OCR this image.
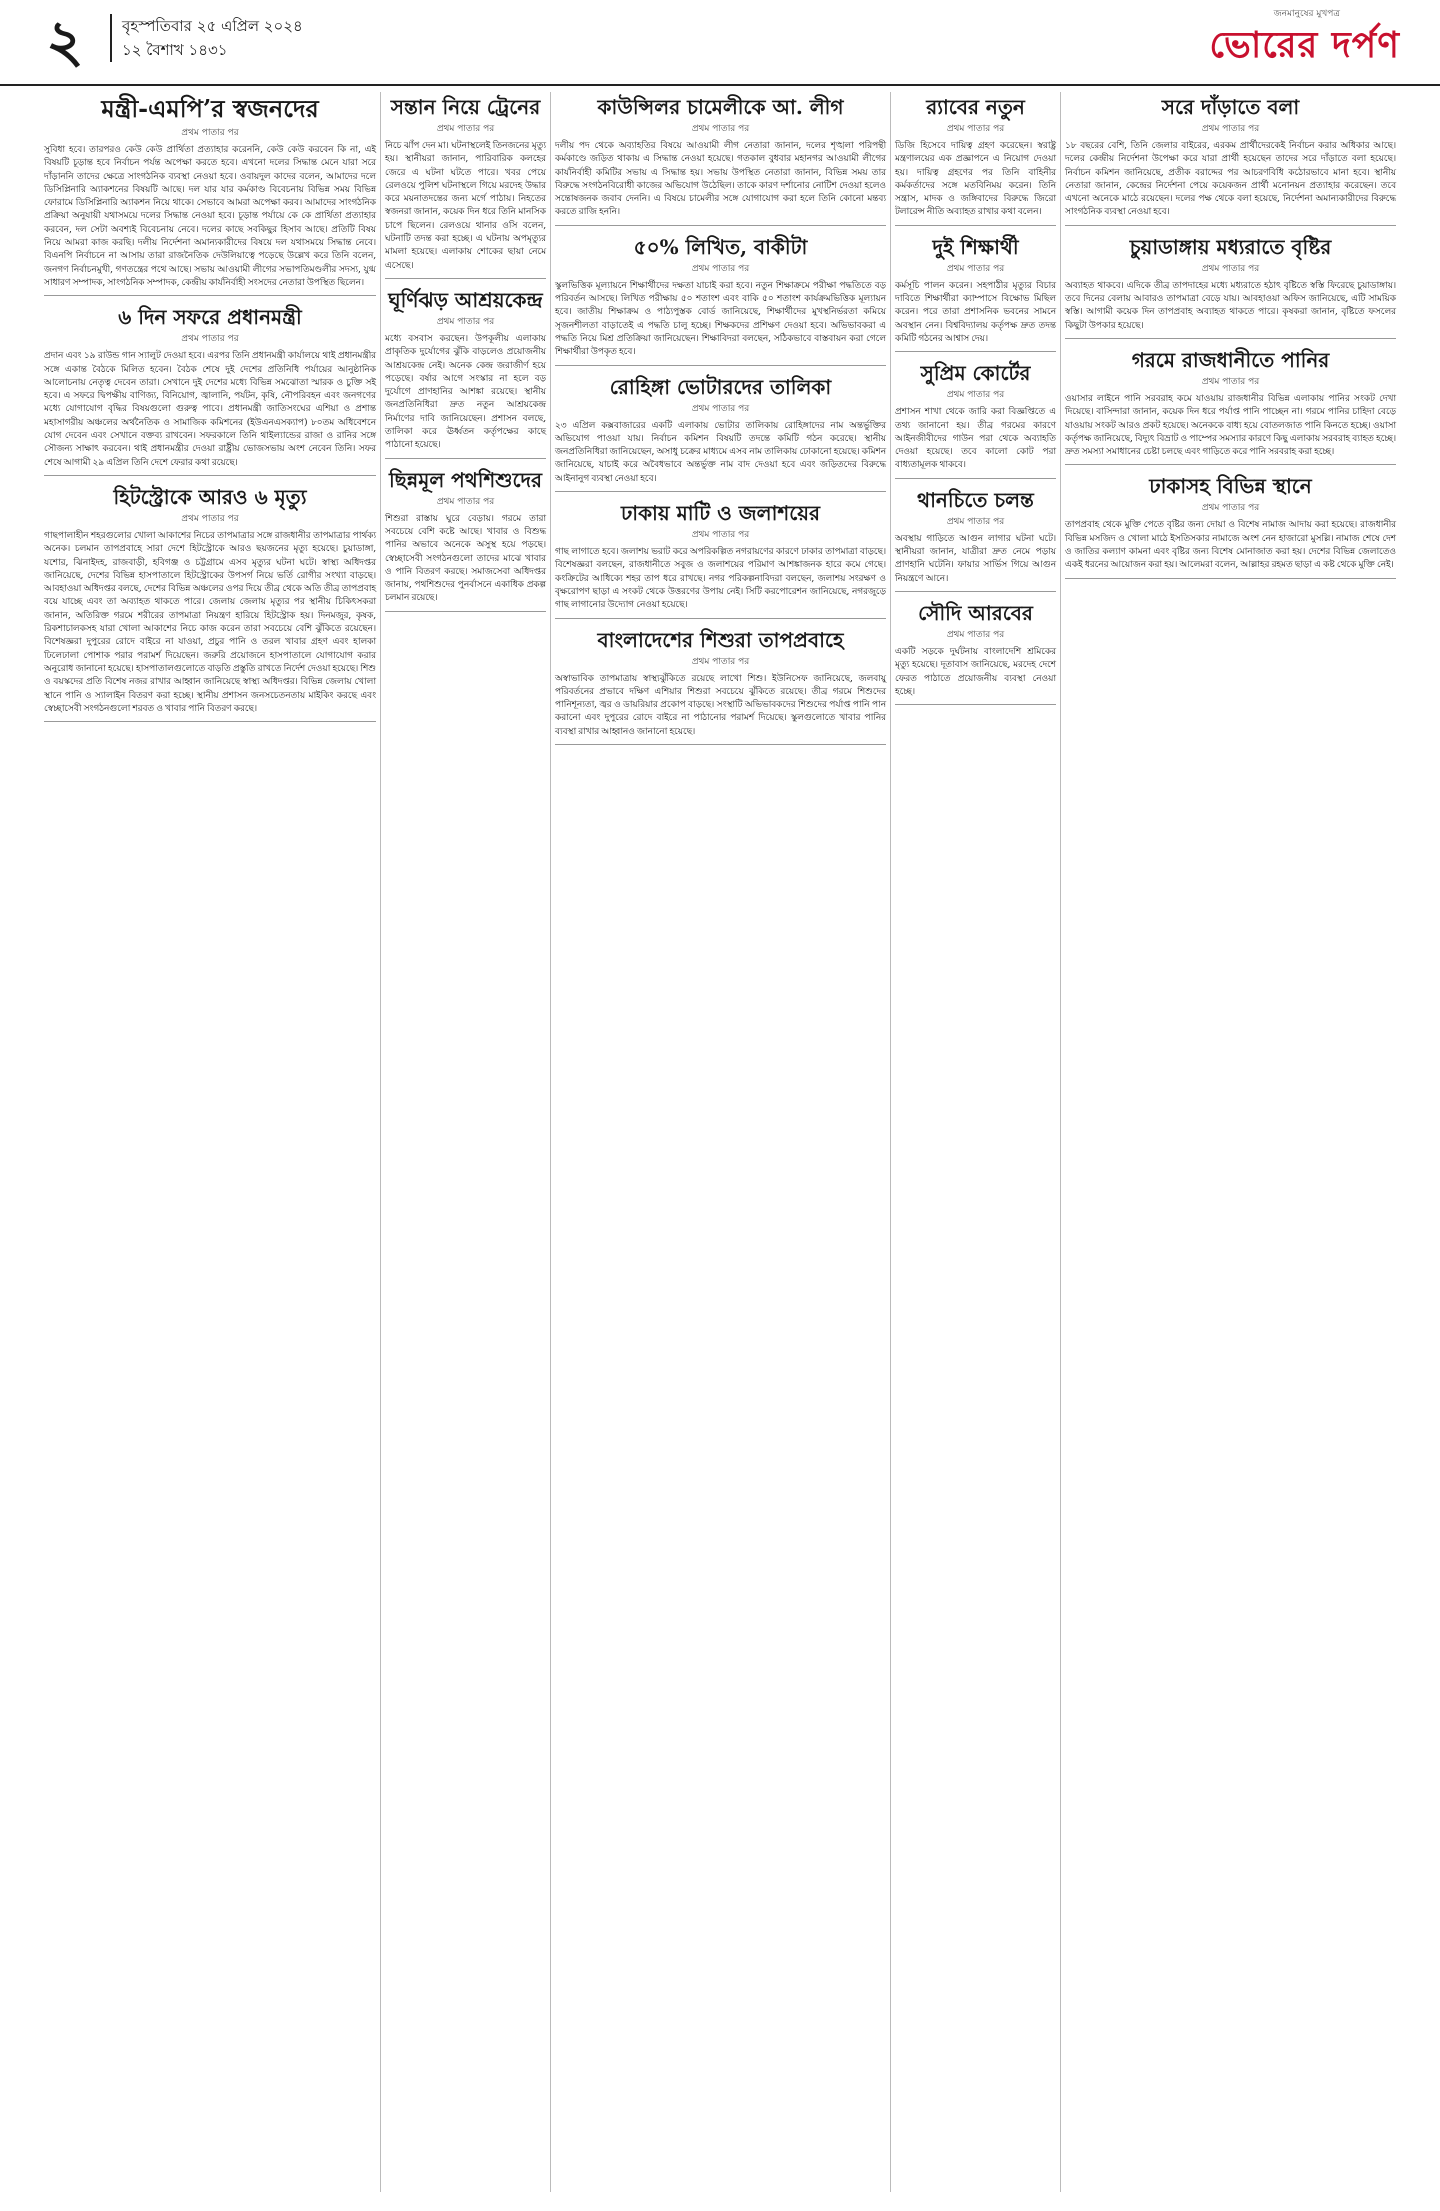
২	বৃহস্পতিবার ২৫ এপ্রিল ২০২৪
১২ বৈশাখ ১৪৩১
জনমানুষের মুখপত্র
ভোরের দর্পণ
মন্ত্রী-এমপি’র স্বজনদের
প্রথম পাতার পর
সুবিধা হবে। তারপরও কেউ কেউ প্রার্থিতা প্রত্যাহার করেননি, কেউ কেউ করবেন কি না, এই বিষয়টি চূড়ান্ত হবে নির্বাচন পর্যন্ত অপেক্ষা করতে হবে। এখনো দলের সিদ্ধান্ত মেনে যারা সরে দাঁড়াননি তাদের ক্ষেত্রে সাংগঠনিক ব্যবস্থা নেওয়া হবে। ওবায়দুল কাদের বলেন, আমাদের দলে ডিসিপ্লিনারি অ্যাকশনের বিষয়টি আছে। দল যার যার কর্মকাণ্ড বিবেচনায় বিভিন্ন সময় বিভিন্ন ফোরামে ডিসিপ্লিনারি অ্যাকশন নিয়ে থাকে। সেভাবে আমরা অপেক্ষা করব। আমাদের সাংগঠনিক প্রক্রিয়া অনুযায়ী যথাসময়ে দলের সিদ্ধান্ত নেওয়া হবে। চূড়ান্ত পর্যায়ে কে কে প্রার্থিতা প্রত্যাহার করবেন, দল সেটা অবশ্যই বিবেচনায় নেবে। দলের কাছে সবকিছুর হিসাব আছে। প্রতিটি বিষয় নিয়ে আমরা কাজ করছি। দলীয় নির্দেশনা অমান্যকারীদের বিষয়ে দল যথাসময়ে সিদ্ধান্ত নেবে। বিএনপি নির্বাচনে না আসায় তারা রাজনৈতিক দেউলিয়াত্বে পড়েছে উল্লেখ করে তিনি বলেন, জনগণ নির্বাচনমুখী, গণতন্ত্রের পথে আছে। সভায় আওয়ামী লীগের সভাপতিমণ্ডলীর সদস্য, যুগ্ম সাধারণ সম্পাদক, সাংগঠনিক সম্পাদক, কেন্দ্রীয় কার্যনির্বাহী সংসদের নেতারা উপস্থিত ছিলেন।
৬ দিন সফরে প্রধানমন্ত্রী
প্রথম পাতার পর
প্রদান এবং ১৯ রাউন্ড গান স্যালুট দেওয়া হবে। এরপর তিনি প্রধানমন্ত্রী কার্যালয়ে থাই প্রধানমন্ত্রীর সঙ্গে একান্ত বৈঠকে মিলিত হবেন। বৈঠক শেষে দুই দেশের প্রতিনিধি পর্যায়ের আনুষ্ঠানিক আলোচনায় নেতৃত্ব দেবেন তারা। সেখানে দুই দেশের মধ্যে বিভিন্ন সমঝোতা স্মারক ও চুক্তি সই হবে। এ সফরে দ্বিপক্ষীয় বাণিজ্য, বিনিয়োগ, জ্বালানি, পর্যটন, কৃষি, নৌপরিবহন এবং জনগণের মধ্যে যোগাযোগ বৃদ্ধির বিষয়গুলো গুরুত্ব পাবে। প্রধানমন্ত্রী জাতিসংঘের এশিয়া ও প্রশান্ত মহাসাগরীয় অঞ্চলের অর্থনৈতিক ও সামাজিক কমিশনের (ইউএনএসক্যাপ) ৮০তম অধিবেশনে যোগ দেবেন এবং সেখানে বক্তব্য রাখবেন। সফরকালে তিনি থাইল্যান্ডের রাজা ও রানির সঙ্গে সৌজন্য সাক্ষাৎ করবেন। থাই প্রধানমন্ত্রীর দেওয়া রাষ্ট্রীয় ভোজসভায় অংশ নেবেন তিনি। সফর শেষে আগামী ২৯ এপ্রিল তিনি দেশে ফেরার কথা রয়েছে।
হিটস্ট্রোকে আরও ৬ মৃত্যু
প্রথম পাতার পর
গাছপালাহীন শহরগুলোর খোলা আকাশের নিচের তাপমাত্রার সঙ্গে রাজধানীর তাপমাত্রার পার্থক্য অনেক। চলমান তাপপ্রবাহে সারা দেশে হিটস্ট্রোকে আরও ছয়জনের মৃত্যু হয়েছে। চুয়াডাঙ্গা, যশোর, ঝিনাইদহ, রাজবাড়ী, হবিগঞ্জ ও চট্টগ্রামে এসব মৃত্যুর ঘটনা ঘটে। স্বাস্থ্য অধিদপ্তর জানিয়েছে, দেশের বিভিন্ন হাসপাতালে হিটস্ট্রোকের উপসর্গ নিয়ে ভর্তি রোগীর সংখ্যা বাড়ছে। আবহাওয়া অধিদপ্তর বলছে, দেশের বিভিন্ন অঞ্চলের ওপর দিয়ে তীব্র থেকে অতি তীব্র তাপপ্রবাহ বয়ে যাচ্ছে এবং তা অব্যাহত থাকতে পারে। জেলায় জেলায় মৃত্যুর পর স্থানীয় চিকিৎসকরা জানান, অতিরিক্ত গরমে শরীরের তাপমাত্রা নিয়ন্ত্রণ হারিয়ে হিটস্ট্রোক হয়। দিনমজুর, কৃষক, রিকশাচালকসহ যারা খোলা আকাশের নিচে কাজ করেন তারা সবচেয়ে বেশি ঝুঁকিতে রয়েছেন। বিশেষজ্ঞরা দুপুরের রোদে বাইরে না যাওয়া, প্রচুর পানি ও তরল খাবার গ্রহণ এবং হালকা ঢিলেঢালা পোশাক পরার পরামর্শ দিয়েছেন। জরুরি প্রয়োজনে হাসপাতালে যোগাযোগ করার অনুরোধ জানানো হয়েছে। হাসপাতালগুলোতে বাড়তি প্রস্তুতি রাখতে নির্দেশ দেওয়া হয়েছে। শিশু ও বয়স্কদের প্রতি বিশেষ নজর রাখার আহ্বান জানিয়েছে স্বাস্থ্য অধিদপ্তর। বিভিন্ন জেলায় খোলা স্থানে পানি ও স্যালাইন বিতরণ করা হচ্ছে। স্থানীয় প্রশাসন জনসচেতনতায় মাইকিং করছে এবং স্বেচ্ছাসেবী সংগঠনগুলো শরবত ও খাবার পানি বিতরণ করছে।
সন্তান নিয়ে ট্রেনের
প্রথম পাতার পর
নিচে ঝাঁপ দেন মা। ঘটনাস্থলেই তিনজনের মৃত্যু হয়। স্থানীয়রা জানান, পারিবারিক কলহের জেরে এ ঘটনা ঘটতে পারে। খবর পেয়ে রেলওয়ে পুলিশ ঘটনাস্থলে গিয়ে মরদেহ উদ্ধার করে ময়নাতদন্তের জন্য মর্গে পাঠায়। নিহতের স্বজনরা জানান, কয়েক দিন ধরে তিনি মানসিক চাপে ছিলেন। রেলওয়ে থানার ওসি বলেন, ঘটনাটি তদন্ত করা হচ্ছে। এ ঘটনায় অপমৃত্যুর মামলা হয়েছে। এলাকায় শোকের ছায়া নেমে এসেছে।
ঘূর্ণিঝড় আশ্রয়কেন্দ্র
প্রথম পাতার পর
মধ্যে বসবাস করছেন। উপকূলীয় এলাকায় প্রাকৃতিক দুর্যোগের ঝুঁকি বাড়লেও প্রয়োজনীয় আশ্রয়কেন্দ্র নেই। অনেক কেন্দ্র জরাজীর্ণ হয়ে পড়েছে। বর্ষার আগে সংস্কার না হলে বড় দুর্যোগে প্রাণহানির আশঙ্কা রয়েছে। স্থানীয় জনপ্রতিনিধিরা দ্রুত নতুন আশ্রয়কেন্দ্র নির্মাণের দাবি জানিয়েছেন। প্রশাসন বলছে, তালিকা করে ঊর্ধ্বতন কর্তৃপক্ষের কাছে পাঠানো হয়েছে।
ছিন্নমূল পথশিশুদের
প্রথম পাতার পর
শিশুরা রাস্তায় ঘুরে বেড়ায়। গরমে তারা সবচেয়ে বেশি কষ্টে আছে। খাবার ও বিশুদ্ধ পানির অভাবে অনেকে অসুস্থ হয়ে পড়ছে। স্বেচ্ছাসেবী সংগঠনগুলো তাদের মাঝে খাবার ও পানি বিতরণ করছে। সমাজসেবা অধিদপ্তর জানায়, পথশিশুদের পুনর্বাসনে একাধিক প্রকল্প চলমান রয়েছে।
কাউন্সিলর চামেলীকে আ. লীগ
প্রথম পাতার পর
দলীয় পদ থেকে অব্যাহতির বিষয়ে আওয়ামী লীগ নেতারা জানান, দলের শৃঙ্খলা পরিপন্থী কর্মকাণ্ডে জড়িত থাকায় এ সিদ্ধান্ত নেওয়া হয়েছে। গতকাল বুধবার মহানগর আওয়ামী লীগের কার্যনির্বাহী কমিটির সভায় এ সিদ্ধান্ত হয়। সভায় উপস্থিত নেতারা জানান, বিভিন্ন সময় তার বিরুদ্ধে সংগঠনবিরোধী কাজের অভিযোগ উঠেছিল। তাকে কারণ দর্শানোর নোটিশ দেওয়া হলেও সন্তোষজনক জবাব দেননি। এ বিষয়ে চামেলীর সঙ্গে যোগাযোগ করা হলে তিনি কোনো মন্তব্য করতে রাজি হননি।
৫০% লিখিত, বাকীটা
প্রথম পাতার পর
স্কুলভিত্তিক মূল্যায়নে শিক্ষার্থীদের দক্ষতা যাচাই করা হবে। নতুন শিক্ষাক্রমে পরীক্ষা পদ্ধতিতে বড় পরিবর্তন আসছে। লিখিত পরীক্ষায় ৫০ শতাংশ এবং বাকি ৫০ শতাংশ কার্যক্রমভিত্তিক মূল্যায়ন হবে। জাতীয় শিক্ষাক্রম ও পাঠ্যপুস্তক বোর্ড জানিয়েছে, শিক্ষার্থীদের মুখস্থনির্ভরতা কমিয়ে সৃজনশীলতা বাড়াতেই এ পদ্ধতি চালু হচ্ছে। শিক্ষকদের প্রশিক্ষণ দেওয়া হবে। অভিভাবকরা এ পদ্ধতি নিয়ে মিশ্র প্রতিক্রিয়া জানিয়েছেন। শিক্ষাবিদরা বলছেন, সঠিকভাবে বাস্তবায়ন করা গেলে শিক্ষার্থীরা উপকৃত হবে।
রোহিঙ্গা ভোটারদের তালিকা
প্রথম পাতার পর
২৩ এপ্রিল কক্সবাজারের একটি এলাকায় ভোটার তালিকায় রোহিঙ্গাদের নাম অন্তর্ভুক্তির অভিযোগ পাওয়া যায়। নির্বাচন কমিশন বিষয়টি তদন্তে কমিটি গঠন করেছে। স্থানীয় জনপ্রতিনিধিরা জানিয়েছেন, অসাধু চক্রের মাধ্যমে এসব নাম তালিকায় ঢোকানো হয়েছে। কমিশন জানিয়েছে, যাচাই করে অবৈধভাবে অন্তর্ভুক্ত নাম বাদ দেওয়া হবে এবং জড়িতদের বিরুদ্ধে আইনানুগ ব্যবস্থা নেওয়া হবে।
ঢাকায় মাটি ও জলাশয়ের
প্রথম পাতার পর
গাছ লাগাতে হবে। জলাশয় ভরাট করে অপরিকল্পিত নগরায়ণের কারণে ঢাকার তাপমাত্রা বাড়ছে। বিশেষজ্ঞরা বলছেন, রাজধানীতে সবুজ ও জলাশয়ের পরিমাণ আশঙ্কাজনক হারে কমে গেছে। কংক্রিটের আধিক্যে শহর তাপ ধরে রাখছে। নগর পরিকল্পনাবিদরা বলছেন, জলাশয় সংরক্ষণ ও বৃক্ষরোপণ ছাড়া এ সংকট থেকে উত্তরণের উপায় নেই। সিটি করপোরেশন জানিয়েছে, নগরজুড়ে গাছ লাগানোর উদ্যোগ নেওয়া হয়েছে।
বাংলাদেশের শিশুরা তাপপ্রবাহে
প্রথম পাতার পর
অস্বাভাবিক তাপমাত্রায় স্বাস্থ্যঝুঁকিতে রয়েছে লাখো শিশু। ইউনিসেফ জানিয়েছে, জলবায়ু পরিবর্তনের প্রভাবে দক্ষিণ এশিয়ার শিশুরা সবচেয়ে ঝুঁকিতে রয়েছে। তীব্র গরমে শিশুদের পানিশূন্যতা, জ্বর ও ডায়রিয়ার প্রকোপ বাড়ছে। সংস্থাটি অভিভাবকদের শিশুদের পর্যাপ্ত পানি পান করানো এবং দুপুরের রোদে বাইরে না পাঠানোর পরামর্শ দিয়েছে। স্কুলগুলোতে খাবার পানির ব্যবস্থা রাখার আহ্বানও জানানো হয়েছে।
র‌্যাবের নতুন
প্রথম পাতার পর
ডিজি হিসেবে দায়িত্ব গ্রহণ করেছেন। স্বরাষ্ট্র মন্ত্রণালয়ের এক প্রজ্ঞাপনে এ নিয়োগ দেওয়া হয়। দায়িত্ব গ্রহণের পর তিনি বাহিনীর কর্মকর্তাদের সঙ্গে মতবিনিময় করেন। তিনি সন্ত্রাস, মাদক ও জঙ্গিবাদের বিরুদ্ধে জিরো টলারেন্স নীতি অব্যাহত রাখার কথা বলেন।
দুই শিক্ষার্থী
প্রথম পাতার পর
কর্মসূচি পালন করেন। সহপাঠীর মৃত্যুর বিচার দাবিতে শিক্ষার্থীরা ক্যাম্পাসে বিক্ষোভ মিছিল করেন। পরে তারা প্রশাসনিক ভবনের সামনে অবস্থান নেন। বিশ্ববিদ্যালয় কর্তৃপক্ষ দ্রুত তদন্ত কমিটি গঠনের আশ্বাস দেয়।
সুপ্রিম কোর্টের
প্রথম পাতার পর
প্রশাসন শাখা থেকে জারি করা বিজ্ঞপ্তিতে এ তথ্য জানানো হয়। তীব্র গরমের কারণে আইনজীবীদের গাউন পরা থেকে অব্যাহতি দেওয়া হয়েছে। তবে কালো কোট পরা বাধ্যতামূলক থাকবে।
থানচিতে চলন্ত
প্রথম পাতার পর
অবস্থায় গাড়িতে আগুন লাগার ঘটনা ঘটে। স্থানীয়রা জানান, যাত্রীরা দ্রুত নেমে পড়ায় প্রাণহানি ঘটেনি। ফায়ার সার্ভিস গিয়ে আগুন নিয়ন্ত্রণে আনে।
সৌদি আরবের
প্রথম পাতার পর
একটি সড়কে দুর্ঘটনায় বাংলাদেশি শ্রমিকের মৃত্যু হয়েছে। দূতাবাস জানিয়েছে, মরদেহ দেশে ফেরত পাঠাতে প্রয়োজনীয় ব্যবস্থা নেওয়া হচ্ছে।
সরে দাঁড়াতে বলা
প্রথম পাতার পর
১৮ বছরের বেশি, তিনি জেলার বাইরের, এরকম প্রার্থীদেরকেই নির্বাচন করার অধিকার আছে। দলের কেন্দ্রীয় নির্দেশনা উপেক্ষা করে যারা প্রার্থী হয়েছেন তাদের সরে দাঁড়াতে বলা হয়েছে। নির্বাচন কমিশন জানিয়েছে, প্রতীক বরাদ্দের পর আচরণবিধি কঠোরভাবে মানা হবে। স্থানীয় নেতারা জানান, কেন্দ্রের নির্দেশনা পেয়ে কয়েকজন প্রার্থী মনোনয়ন প্রত্যাহার করেছেন। তবে এখনো অনেকে মাঠে রয়েছেন। দলের পক্ষ থেকে বলা হয়েছে, নির্দেশনা অমান্যকারীদের বিরুদ্ধে সাংগঠনিক ব্যবস্থা নেওয়া হবে।
চুয়াডাঙ্গায় মধ্যরাতে বৃষ্টির
প্রথম পাতার পর
অব্যাহত থাকবে। এদিকে তীব্র তাপদাহের মধ্যে মধ্যরাতে হঠাৎ বৃষ্টিতে স্বস্তি ফিরেছে চুয়াডাঙ্গায়। তবে দিনের বেলায় আবারও তাপমাত্রা বেড়ে যায়। আবহাওয়া অফিস জানিয়েছে, এটি সাময়িক স্বস্তি। আগামী কয়েক দিন তাপপ্রবাহ অব্যাহত থাকতে পারে। কৃষকরা জানান, বৃষ্টিতে ফসলের কিছুটা উপকার হয়েছে।
গরমে রাজধানীতে পানির
প্রথম পাতার পর
ওয়াসার লাইনে পানি সরবরাহ কমে যাওয়ায় রাজধানীর বিভিন্ন এলাকায় পানির সংকট দেখা দিয়েছে। বাসিন্দারা জানান, কয়েক দিন ধরে পর্যাপ্ত পানি পাচ্ছেন না। গরমে পানির চাহিদা বেড়ে যাওয়ায় সংকট আরও প্রকট হয়েছে। অনেককে বাধ্য হয়ে বোতলজাত পানি কিনতে হচ্ছে। ওয়াসা কর্তৃপক্ষ জানিয়েছে, বিদ্যুৎ বিভ্রাট ও পাম্পের সমস্যার কারণে কিছু এলাকায় সরবরাহ ব্যাহত হচ্ছে। দ্রুত সমস্যা সমাধানের চেষ্টা চলছে এবং গাড়িতে করে পানি সরবরাহ করা হচ্ছে।
ঢাকাসহ বিভিন্ন স্থানে
প্রথম পাতার পর
তাপপ্রবাহ থেকে মুক্তি পেতে বৃষ্টির জন্য দোয়া ও বিশেষ নামাজ আদায় করা হয়েছে। রাজধানীর বিভিন্ন মসজিদ ও খোলা মাঠে ইসতিসকার নামাজে অংশ নেন হাজারো মুসল্লি। নামাজ শেষে দেশ ও জাতির কল্যাণ কামনা এবং বৃষ্টির জন্য বিশেষ মোনাজাত করা হয়। দেশের বিভিন্ন জেলাতেও একই ধরনের আয়োজন করা হয়। আলেমরা বলেন, আল্লাহর রহমত ছাড়া এ কষ্ট থেকে মুক্তি নেই।
